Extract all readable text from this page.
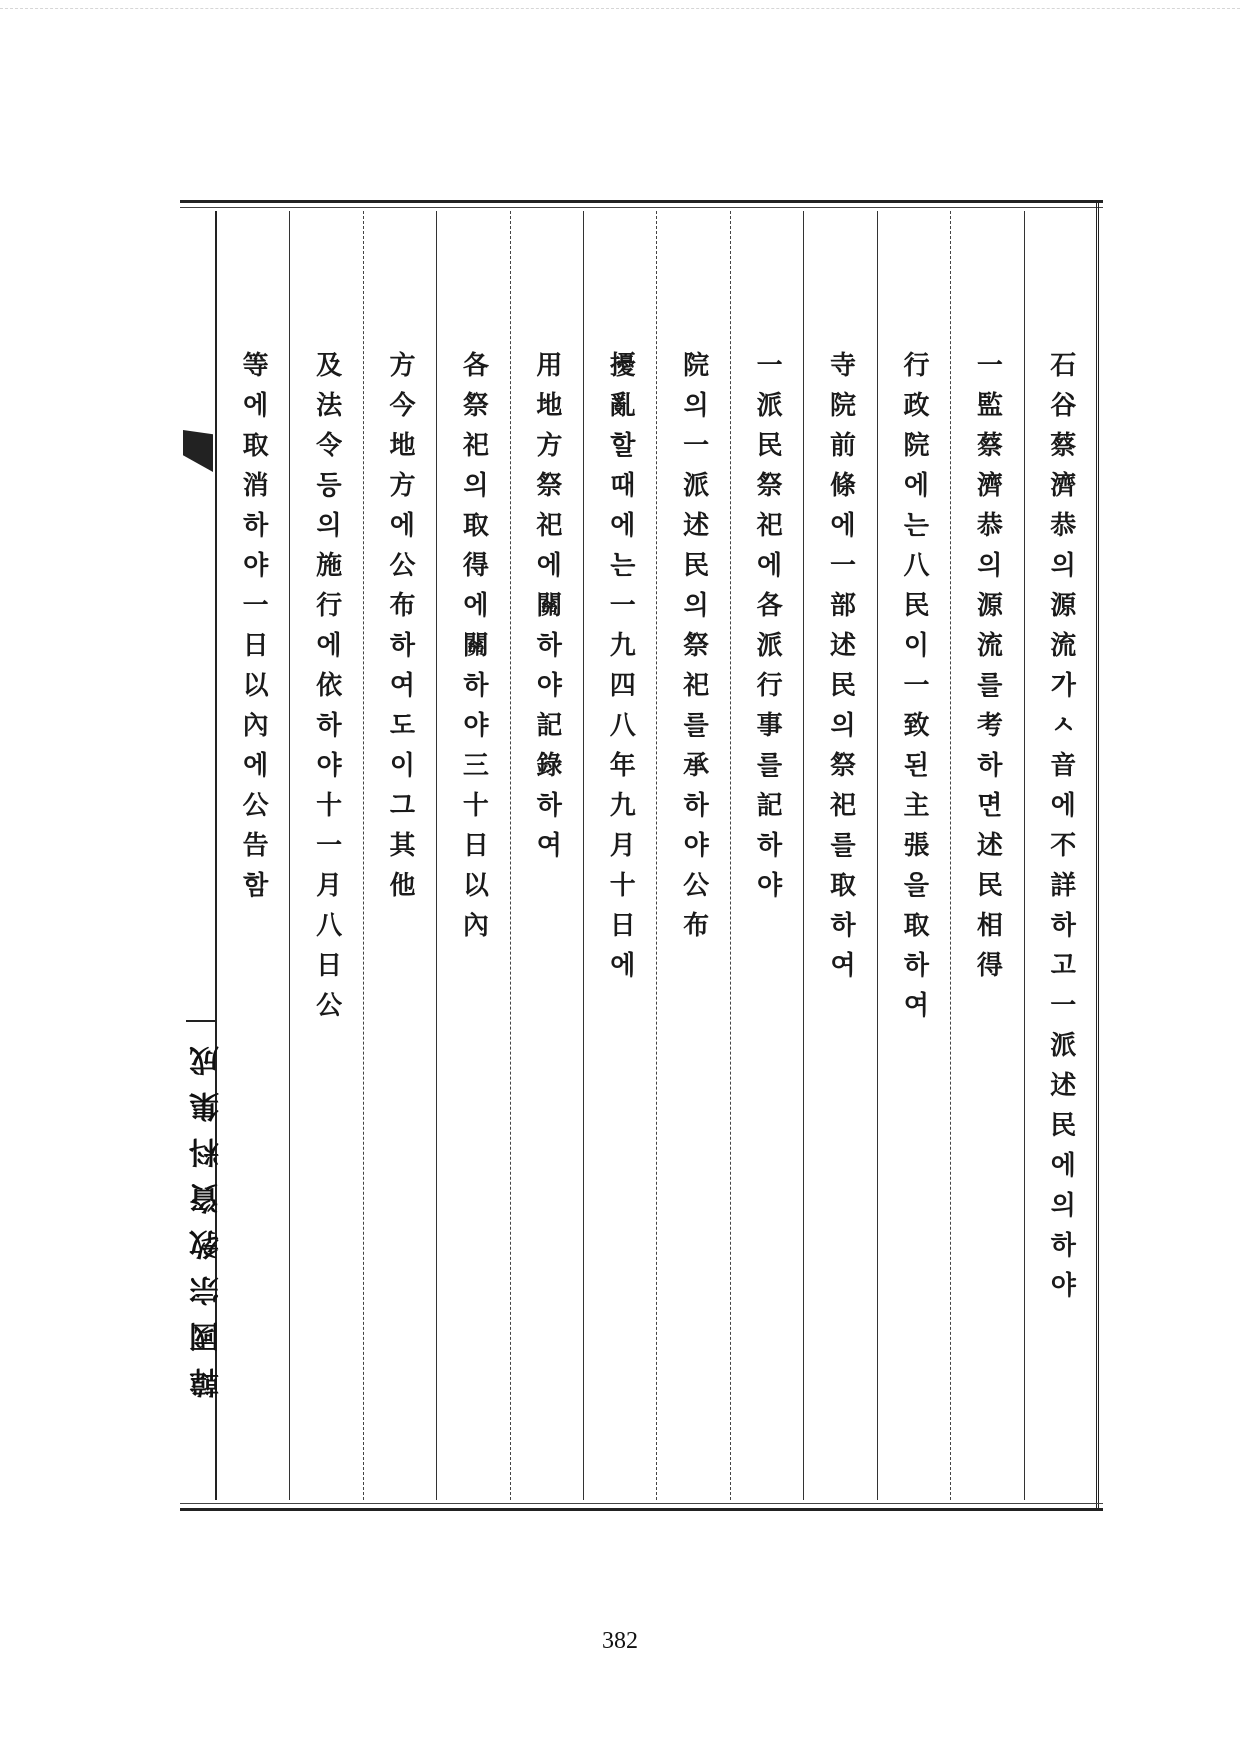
石谷蔡濟恭의源流가ㅅ音에不詳하고一派述民에의하야
一監蔡濟恭의源流를考하면述民相得
行政院에는八民이一致된主張을取하여
寺院前條에一部述民의祭祀를取하여
一派民祭祀에各派行事를記하야
院의一派述民의祭祀를承하야公布
擾亂할때에는一九四八年九月十日에
用地方祭祀에關하야記錄하여
各祭祀의取得에關하야三十日以內
方今地方에公布하여도이그其他
及法令등의施行에依하야十一月八日公
等에取消하야一日以內에公告함
韓國宗敎資料集成
382
